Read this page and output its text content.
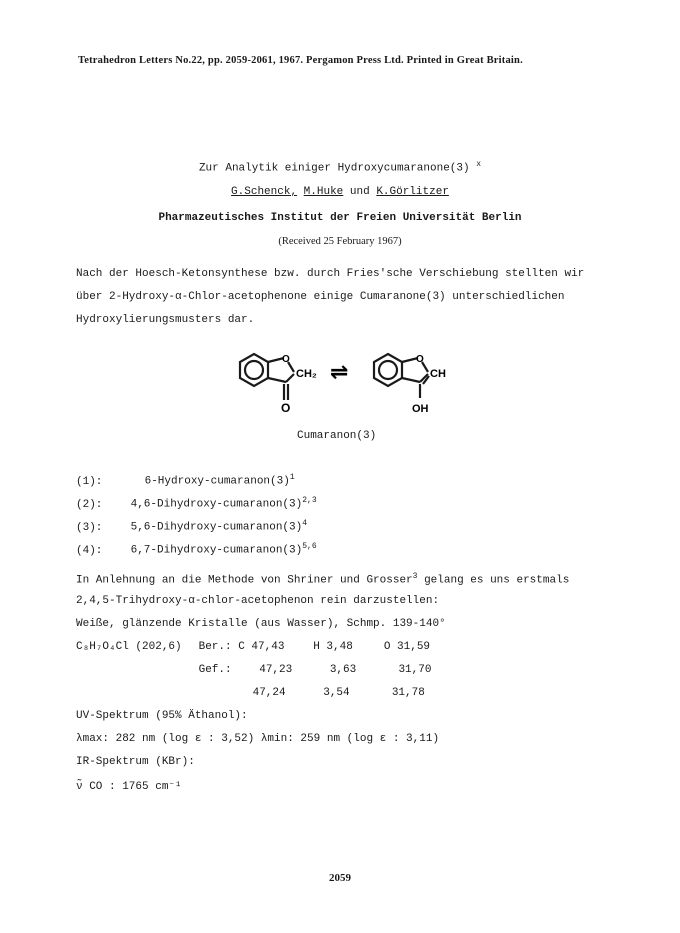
Tetrahedron Letters No.22, pp. 2059-2061, 1967. Pergamon Press Ltd. Printed in Great Britain.
Zur Analytik einiger Hydroxycumaranone(3) $^x$
G.Schenck, M.Huke und K.Görlitzer
Pharmazeutisches Institut der Freien Universität Berlin
(Received 25 February 1967)
Nach der Hoesch-Ketonsynthese bzw. durch Fries'sche Verschiebung stellten wir
über 2-Hydroxy-α-Chlor-acetophenone einige Cumaranone(3) unterschiedlichen
Hydroxylierungsmusters dar.
O
CH₂
O
⇌	O
CH
OH
Cumaranon(3)
(1):	$6-Hydroxy-cumaranon(3)^1$
(2):	$4,6-Dihydroxy-cumaranon(3)^{2,3}$
(3):	$5,6-Dihydroxy-cumaranon(3)^4$
(4):	$6,7-Dihydroxy-cumaranon(3)^{5,6}$
In Anlehnung an die Methode von Shriner und Grosser$^3$ gelang es uns erstmals
2,4,5-Trihydroxy-α-chlor-acetophenon rein darzustellen:
Weiße, glänzende Kristalle (aus Wasser), Schmp. 139-140°
C₈H₇O₄Cl (202,6) Ber.: C 47,43	H 3,48	O 31,59
Gef.:	47,23	3,63	31,70
47,24	3,54	31,78
UV-Spektrum (95% Äthanol):
λmax: 282 nm (log ε : 3,52) λmin: 259 nm (log ε : 3,11)
IR-Spektrum (KBr):
ν̃ CO : 1765 cm⁻¹
2059
